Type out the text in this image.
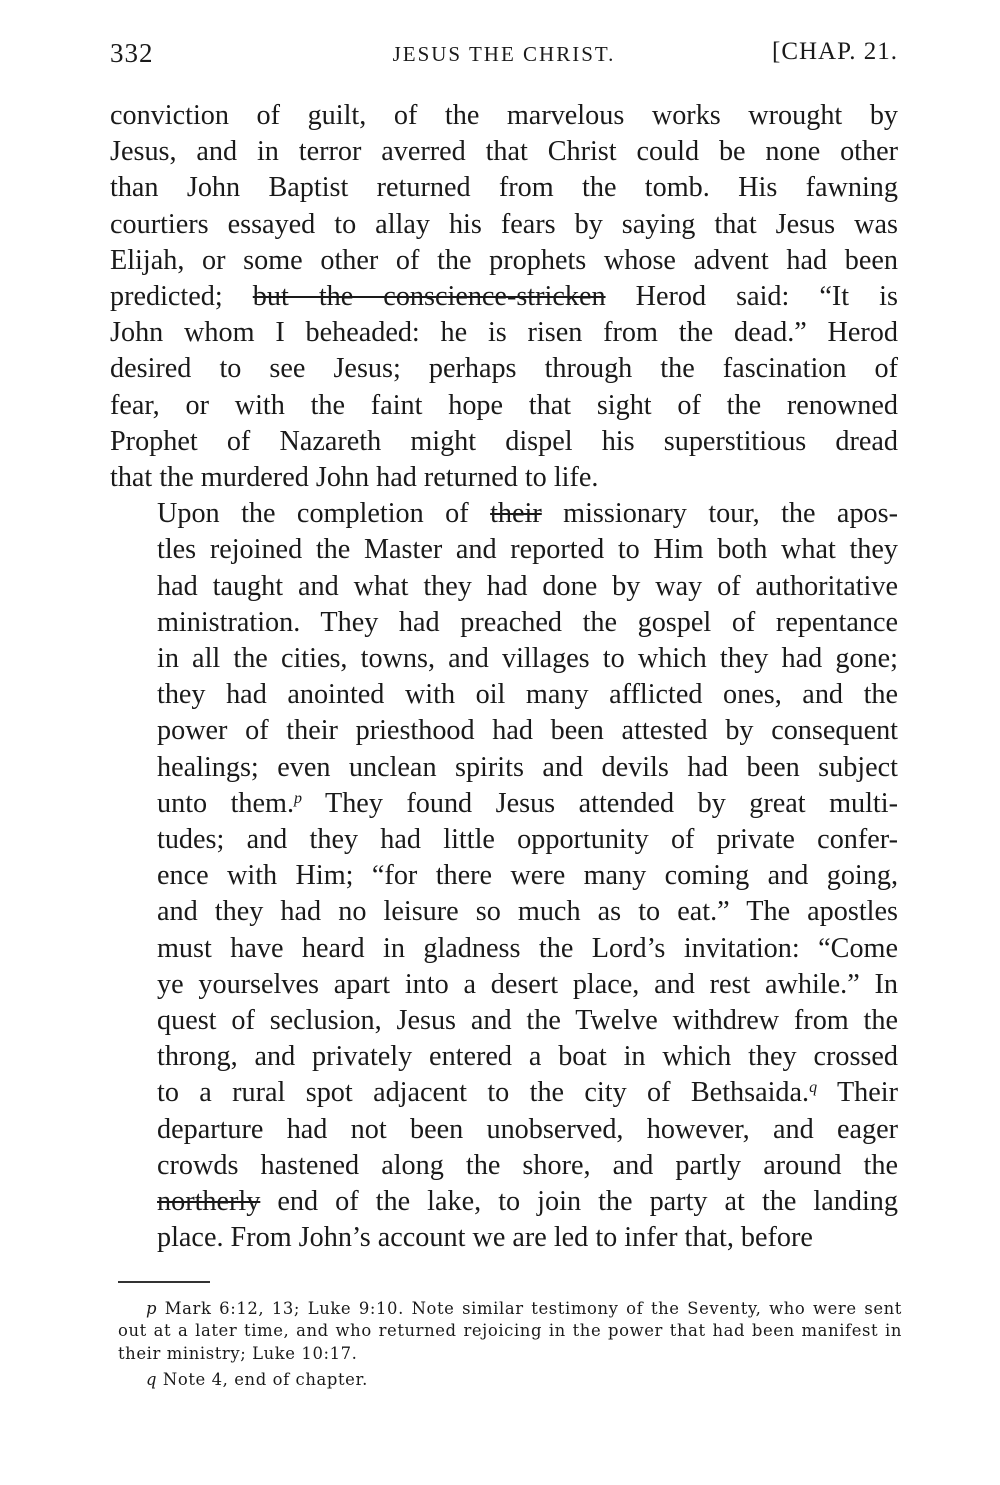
332	JESUS THE CHRIST.	[CHAP. 21.

conviction of guilt, of the marvelous works wrought by
Jesus, and in terror averred that Christ could be none other
than John Baptist returned from the tomb. His fawning
courtiers essayed to allay his fears by saying that Jesus was
Elijah, or some other of the prophets whose advent had been
predicted; but the conscience-stricken Herod said: “It is
John whom I beheaded: he is risen from the dead.” Herod
desired to see Jesus; perhaps through the fascination of
fear, or with the faint hope that sight of the renowned
Prophet of Nazareth might dispel his superstitious dread
that the murdered John had returned to life.

Upon the completion of their missionary tour, the apos-
tles rejoined the Master and reported to Him both what they
had taught and what they had done by way of authoritative
ministration. They had preached the gospel of repentance
in all the cities, towns, and villages to which they had gone;
they had anointed with oil many afflicted ones, and the
power of their priesthood had been attested by consequent
healings; even unclean spirits and devils had been subject
unto them.$^p$ They found Jesus attended by great multi-
tudes; and they had little opportunity of private confer-
ence with Him; “for there were many coming and going,
and they had no leisure so much as to eat.” The apostles
must have heard in gladness the Lord’s invitation: “Come
ye yourselves apart into a desert place, and rest awhile.” In
quest of seclusion, Jesus and the Twelve withdrew from the
throng, and privately entered a boat in which they crossed
to a rural spot adjacent to the city of Bethsaida.$^q$ Their
departure had not been unobserved, however, and eager
crowds hastened along the shore, and partly around the
northerly end of the lake, to join the party at the landing
place. From John’s account we are led to infer that, before

p Mark 6:12, 13; Luke 9:10. Note similar testimony of the Seventy, who were sent out at a later time, and who returned rejoicing in the power that had been manifest in their ministry; Luke 10:17.

q Note 4, end of chapter.
